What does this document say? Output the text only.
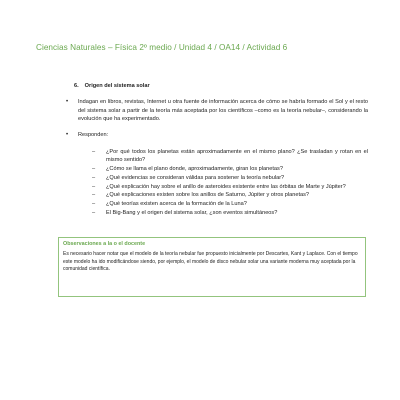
Ciencias Naturales – Física 2º medio / Unidad 4 / OA14 / Actividad 6
6. Origen del sistema solar
• Indagan en libros, revistas, Internet u otra fuente de información acerca de cómo se habría formado el Sol y el resto del sistema solar a partir de la teoría más aceptada por los científicos –como es la teoría nebular–, considerando la evolución que ha experimentado.
• Responden:
– ¿Por qué todos los planetas están aproximadamente en el mismo plano? ¿Se trasladan y rotan en el mismo sentido?
– ¿Cómo se llama el plano donde, aproximadamente, giran los planetas?
– ¿Qué evidencias se consideran válidas para sostener la teoría nebular?
– ¿Qué explicación hay sobre el anillo de asteroides existente entre las órbitas de Marte y Júpiter?
– ¿Qué explicaciones existen sobre los anillos de Saturno, Júpiter y otros planetas?
– ¿Qué teorías existen acerca de la formación de la Luna?
– El Big-Bang y el origen del sistema solar, ¿son eventos simultáneos?
Observaciones a la o el docente
Es necesario hacer notar que el modelo de la teoría nebular fue propuesto inicialmente por Descartes, Kant y Laplace. Con el tiempo este modelo ha ido modificándose siendo, por ejemplo, el modelo de disco nebular solar una variante moderna muy aceptada por la comunidad científica.
